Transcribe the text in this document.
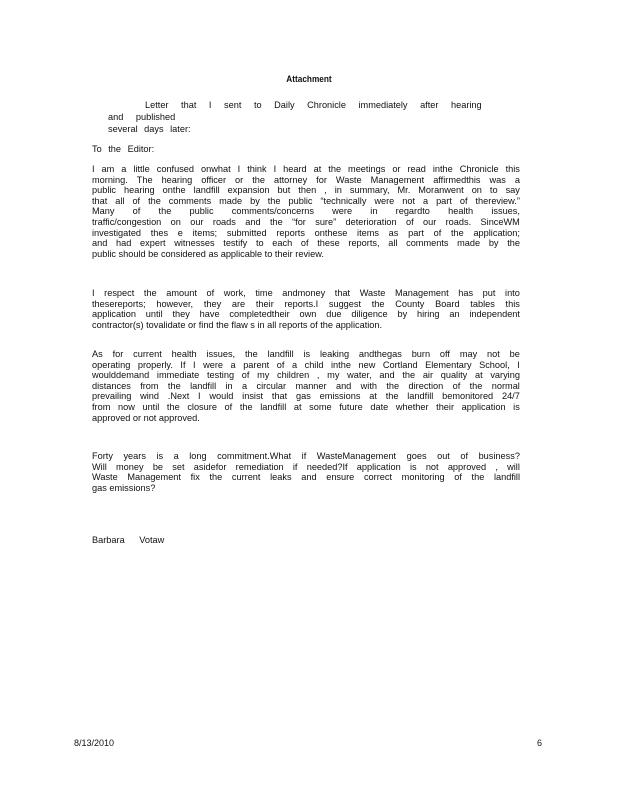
Attachment
Letter that I sent to Daily Chronicle immediately after hearing and published
several days later:
To the Editor:
I am a little confused onwhat I think I heard at the meetings or read inthe Chronicle this
morning. The hearing officer or the attorney for Waste Management affirmedthis was a
public hearing onthe landfill expansion but then , in summary, Mr. Moranwent on to say
that all of the comments made by the public “technically were not a part of thereview.”
Many of the public comments/concerns were in regardto health issues,
traffic/congestion on our roads and the “for sure” deterioration of our roads. SinceWM
investigated thes e items; submitted reports onthese items as part of the application;
and had expert witnesses testify to each of these reports, all comments made by the
public should be considered as applicable to their review.
I respect the amount of work, time andmoney that Waste Management has put into
thesereports; however, they are their reports.I suggest the County Board tables this
application until they have completedtheir own due diligence by hiring an independent
contractor(s) tovalidate or find the flaw s in all reports of the application.
As for current health issues, the landfill is leaking andthegas burn off may not be
operating properly. If I were a parent of a child inthe new Cortland Elementary School, I
woulddemand immediate testing of my children , my water, and the air quality at varying
distances from the landfill in a circular manner and with the direction of the normal
prevailing wind .Next I would insist that gas emissions at the landfill bemonitored 24/7
from now until the closure of the landfill at some future date whether their application is
approved or not approved.
Forty years is a long commitment.What if WasteManagement goes out of business?
Will money be set asidefor remediation if needed?If application is not approved , will
Waste Management fix the current leaks and ensure correct monitoring of the landfill
gas emissions?
Barbara Votaw
8/13/2010	6
